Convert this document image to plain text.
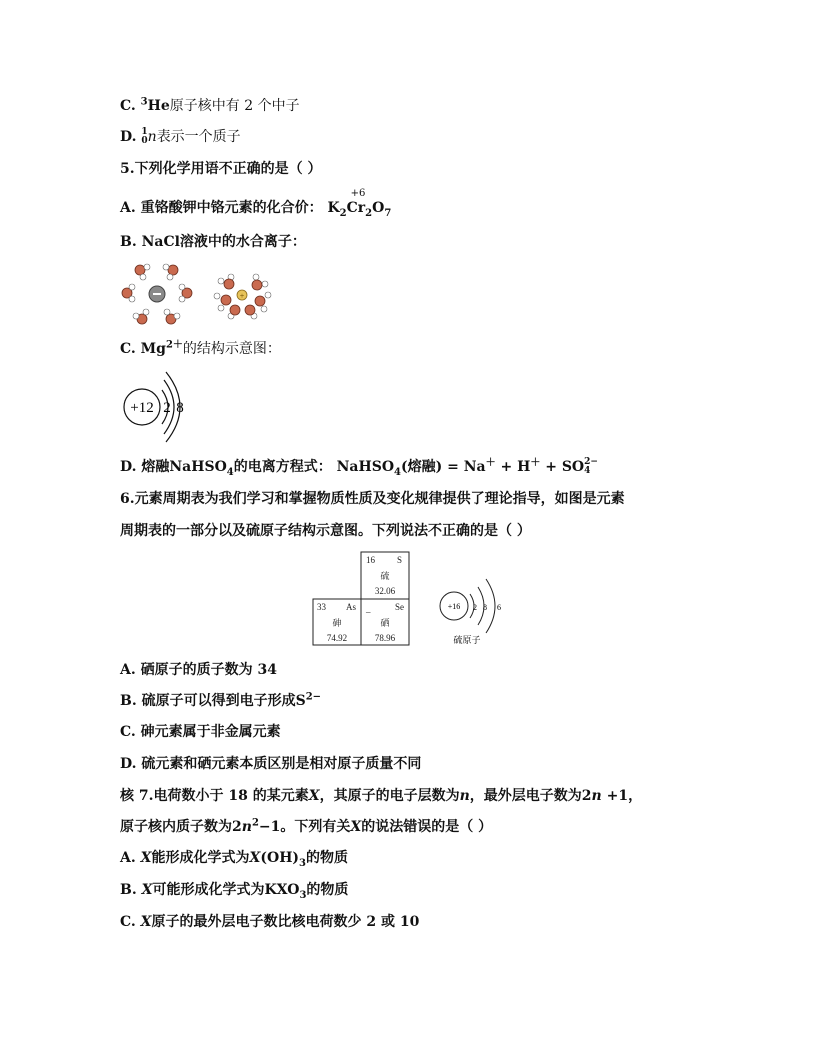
C. $^3$He原子核中有 2 个中子
D. 1
0 n表示一个质子
5.下列化学用语不正确的是（ ）
A. 重铬酸钾中铬元素的化合价： $K_2$
+6
$Cr_2O_7$
B. NaCl溶液中的水合离子：
+
C. $Mg^{2+}$的结构示意图：
+12 2 8
D. 熔融NaHSO$_4$的电离方程式： NaHSO$_4$(熔融) = Na＋ + H＋ + SO 2−
4
6.元素周期表为我们学习和掌握物质性质及变化规律提供了理论指导，如图是元素
周期表的一部分以及硫原子结构示意图。下列说法不正确的是（ ）
16 S
硫
32.06
33 As
砷
74.92
_	Se
硒
78.96
+16 2 8 6
硫原子
A. 硒原子的质子数为 34
B. 硫原子可以得到电子形成$S^{2-}$
C. 砷元素属于非金属元素
D. 硫元素和硒元素本质区别是相对原子质量不同
核 7.电荷数小于 18 的某元素X，其原子的电子层数为n，最外层电子数为2n +1，
原子核内质子数为$2n^2-1$。下列有关X的说法错误的是（ ）
A. X能形成化学式为$X(OH)_3$的物质
B. X可能形成化学式为$KXO_3$的物质
C. X原子的最外层电子数比核电荷数少 2 或 10
